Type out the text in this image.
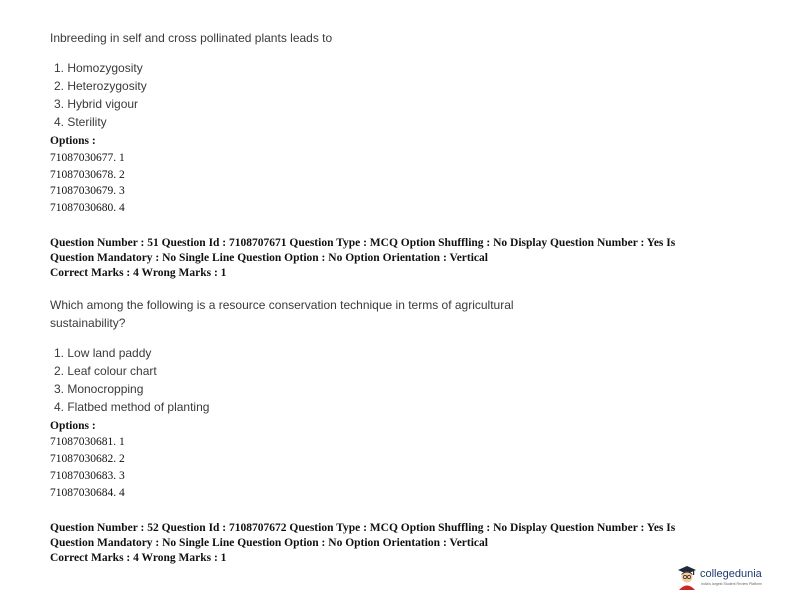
Inbreeding in self and cross pollinated plants leads to
1. Homozygosity
2. Heterozygosity
3. Hybrid vigour
4. Sterility
Options :
71087030677. 1
71087030678. 2
71087030679. 3
71087030680. 4
Question Number : 51 Question Id : 7108707671 Question Type : MCQ Option Shuffling : No Display Question Number : Yes Is
Question Mandatory : No Single Line Question Option : No Option Orientation : Vertical
Correct Marks : 4 Wrong Marks : 1
Which among the following is a resource conservation technique in terms of agricultural
sustainability?
1. Low land paddy
2. Leaf colour chart
3. Monocropping
4. Flatbed method of planting
Options :
71087030681. 1
71087030682. 2
71087030683. 3
71087030684. 4
Question Number : 52 Question Id : 7108707672 Question Type : MCQ Option Shuffling : No Display Question Number : Yes Is
Question Mandatory : No Single Line Question Option : No Option Orientation : Vertical
Correct Marks : 4 Wrong Marks : 1
collegedunia
India's largest Student Review Platform
